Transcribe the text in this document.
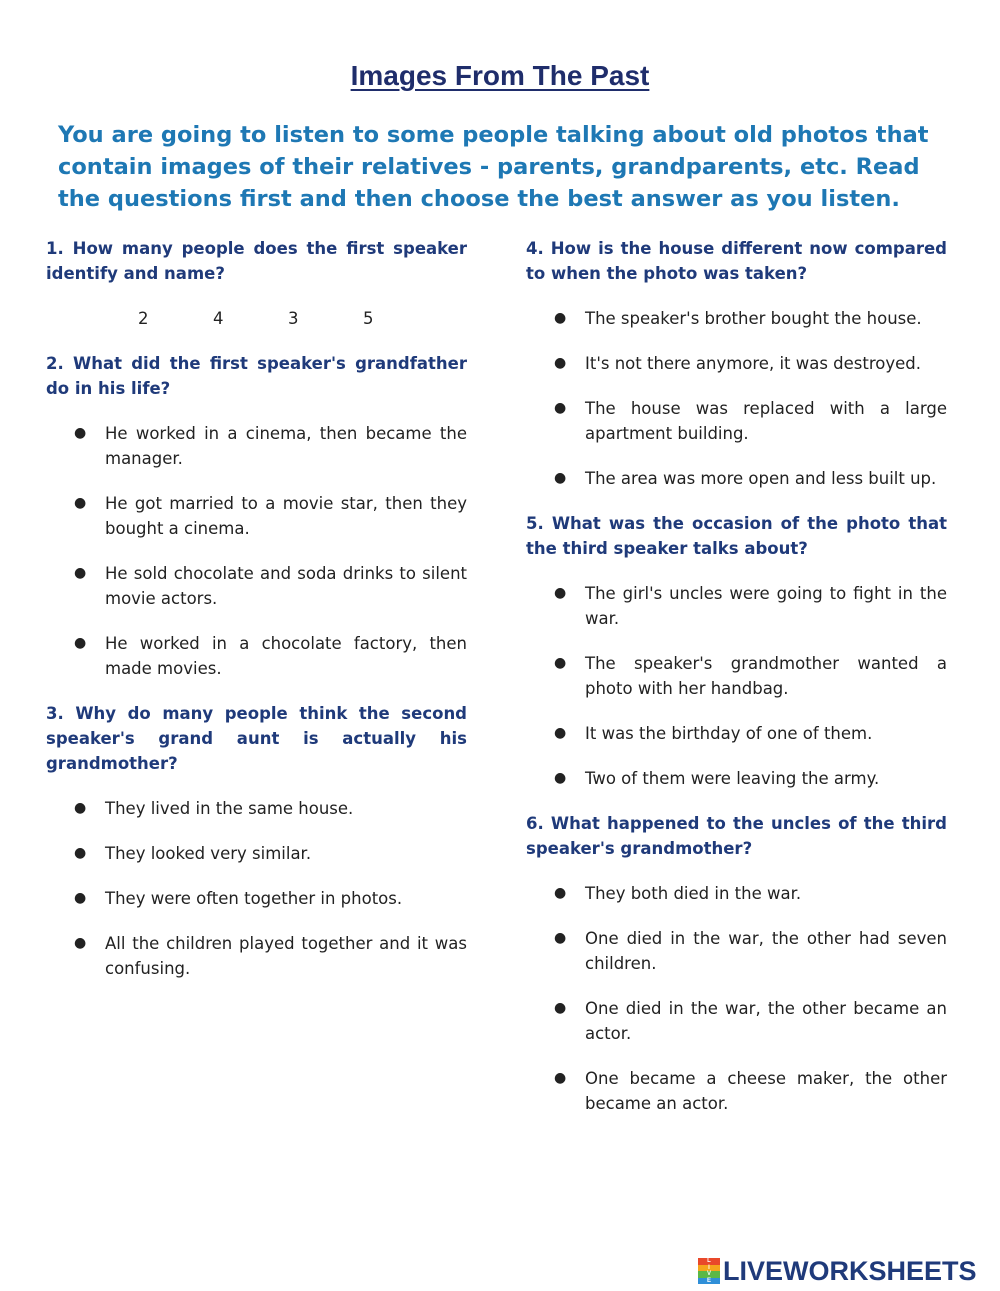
Images From The Past
You are going to listen to some people talking about old photos that contain images of their relatives - parents, grandparents, etc. Read the questions first and then choose the best answer as you listen.
1. How many people does the first speaker identify and name?
2	4	3	5
2. What did the first speaker's grandfather do in his life?
● He worked in a cinema, then became the manager.
● He got married to a movie star, then they bought a cinema.
● He sold chocolate and soda drinks to silent movie actors.
● He worked in a chocolate factory, then made movies.
3. Why do many people think the second speaker's grand aunt is actually his grandmother?
● They lived in the same house.
● They looked very similar.
● They were often together in photos.
● All the children played together and it was confusing.
4. How is the house different now compared to when the photo was taken?
● The speaker's brother bought the house.
● It's not there anymore, it was destroyed.
● The house was replaced with a large apartment building.
● The area was more open and less built up.
5. What was the occasion of the photo that the third speaker talks about?
● The girl's uncles were going to fight in the war.
● The speaker's grandmother wanted a photo with her handbag.
● It was the birthday of one of them.
● Two of them were leaving the army.
6. What happened to the uncles of the third speaker's grandmother?
● They both died in the war.
● One died in the war, the other had seven children.
● One died in the war, the other became an actor.
● One became a cheese maker, the other became an actor.
L
I
V
E LIVEWORKSHEETS
